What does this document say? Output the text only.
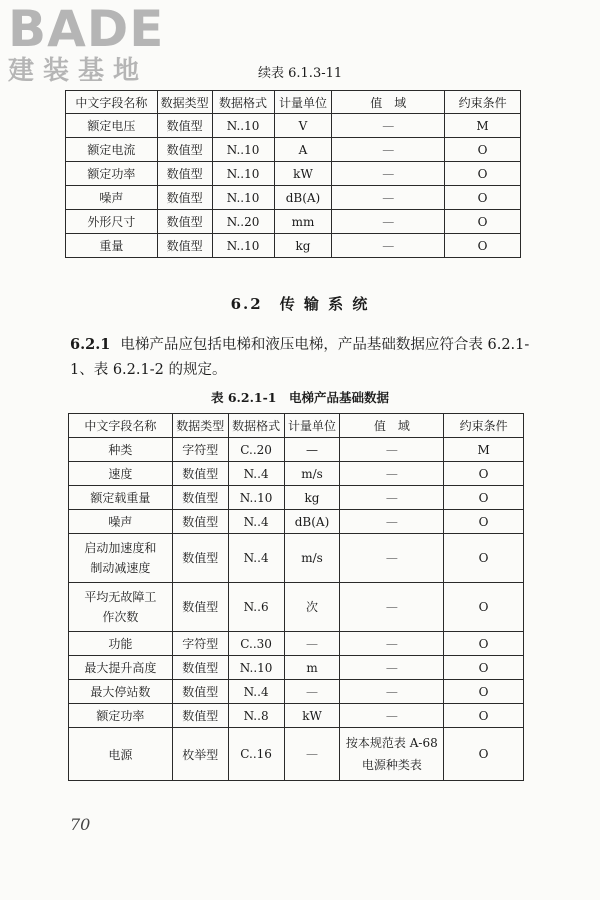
BADE
建装基地	续表 6.1.3-11
中文字段名称	数据类型	数据格式	计量单位	值　域	约束条件
额定电压	数值型	N..10	V	—	M
额定电流	数值型	N..10	A	—	O
额定功率	数值型	N..10	kW	—	O
噪声	数值型	N..10	dB(A)	—	O
外形尺寸	数值型	N..20	mm	—	O
重量	数值型	N..10	kg	—	O
6.2　传 输 系 统
6.2.1 电梯产品应包括电梯和液压电梯，产品基础数据应符合表 6.2.1-1、表 6.2.1-2 的规定。
表 6.2.1-1　电梯产品基础数据
中文字段名称	数据类型	数据格式	计量单位	值　域	约束条件
种类	字符型	C..20	—	—	M
速度	数值型	N..4	m/s	—	O
额定载重量	数值型	N..10	kg	—	O
噪声	数值型	N..4	dB(A)	—	O
启动加速度和制动减速度	数值型	N..4	m/s	—	O
平均无故障工作次数	数值型	N..6	次	—	O
功能	字符型	C..30	—	—	O
最大提升高度	数值型	N..10	m	—	O
最大停站数	数值型	N..4	—	—	O
额定功率	数值型	N..8	kW	—	O
电源	枚举型	C..16	—	按本规范表 A-68 电源种类表	O
70
